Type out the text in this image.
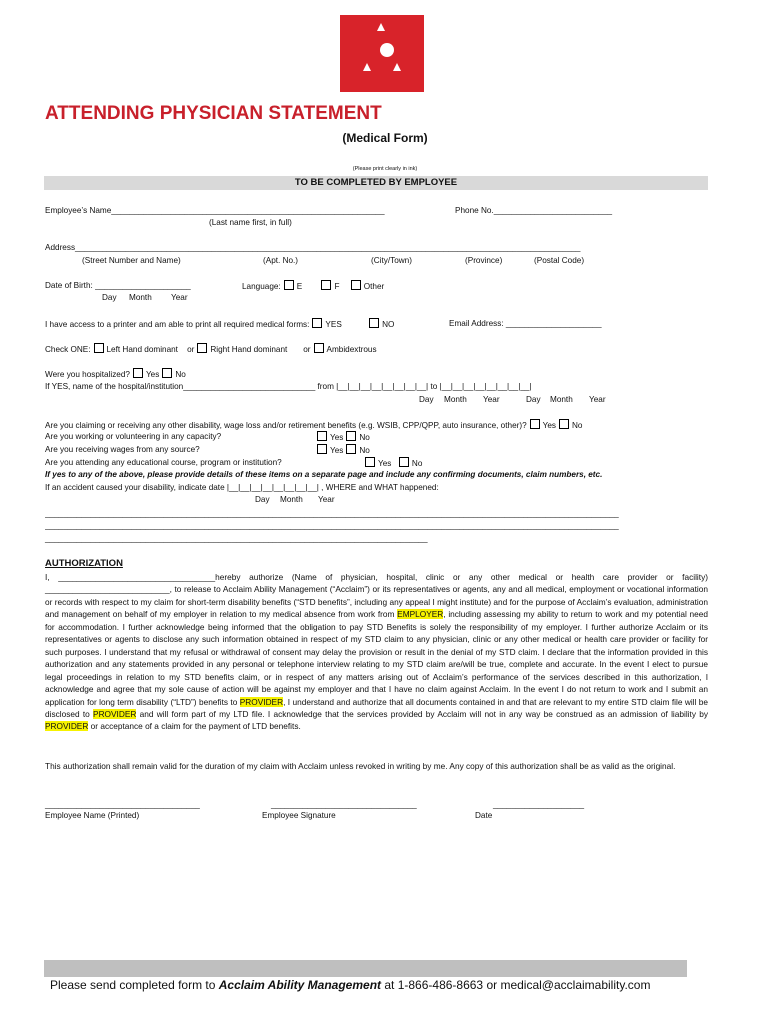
ATTENDING PHYSICIAN STATEMENT
(Medical Form)
(Please print clearly in ink)
TO BE COMPLETED BY EMPLOYEE
Employee’s Name____________________________________________________________	Phone No.__________________________
(Last name first, in full)
Address_______________________________________________________________________________________________________________
(Street Number and Name)	(Apt. No.)	(City/Town)	(Province)	(Postal Code)
Date of Birth: _____________________
Day Month Year
Language: E	F	Other
I have access to a printer and am able to print all required medical forms: YES	NO	Email Address: _____________________
Check ONE: Left Hand dominant or Right Hand dominant or Ambidextrous
Were you hospitalized? Yes No
If YES, name of the hospital/institution_____________________________ from |__|__|__|__|__|__|__|__| to |__|__|__|__|__|__|__|__|
Day Month Year	Day Month Year
Are you claiming or receiving any other disability, wage loss and/or retirement benefits (e.g. WSIB, CPP/QPP, auto insurance, other)? Yes No
Are you working or volunteering in any capacity?	Yes No
Are you receiving wages from any source?	Yes No
Are you attending any educational course, program or institution?	Yes	No
If yes to any of the above, please provide details of these items on a separate page and include any confirming documents, claim numbers, etc.
If an accident caused your disability, indicate date |__|__|__|__|__|__|__|__| , WHERE and WHAT happened:
Day Month Year
______________________________________________________________________________________________________________________________
______________________________________________________________________________________________________________________________
____________________________________________________________________________________
AUTHORIZATION
I, __________________________________hereby authorize (Name of physician, hospital, clinic or any other medical or health care provider or facility) ___________________________, to release to Acclaim Ability Management (“Acclaim”) or its representatives or agents, any and all medical, employment or vocational information or records with respect to my claim for short-term disability benefits (“STD benefits”, including any appeal I might institute) and for the purpose of Acclaim’s evaluation, administration and management on behalf of my employer in relation to my medical absence from work from EMPLOYER, including assessing my ability to return to work and my potential need for accommodation. I further acknowledge being informed that the obligation to pay STD Benefits is solely the responsibility of my employer. I further authorize Acclaim or its representatives or agents to disclose any such information obtained in respect of my STD claim to any physician, clinic or any other medical or health care provider or facility for such purposes. I understand that my refusal or withdrawal of consent may delay the provision or result in the denial of my STD claim. I declare that the information provided in this authorization and any statements provided in any personal or telephone interview relating to my STD claim are/will be true, complete and accurate. In the event I elect to pursue legal proceedings in relation to my STD benefits claim, or in respect of any matters arising out of Acclaim’s performance of the services described in this authorization, I acknowledge and agree that my sole cause of action will be against my employer and that I have no claim against Acclaim. In the event I do not return to work and I submit an application for long term disability (“LTD”) benefits to PROVIDER, I understand and authorize that all documents contained in and that are relevant to my entire STD claim file will be disclosed to PROVIDER and will form part of my LTD file. I acknowledge that the services provided by Acclaim will not in any way be construed as an admission of liability by PROVIDER or acceptance of a claim for the payment of LTD benefits.
This authorization shall remain valid for the duration of my claim with Acclaim unless revoked in writing by me. Any copy of this authorization shall be as valid as the original.
__________________________________	________________________________	____________________
Employee Name (Printed)	Employee Signature	Date
Please send completed form to Acclaim Ability Management at 1-866-486-8663 or medical@acclaimability.com
